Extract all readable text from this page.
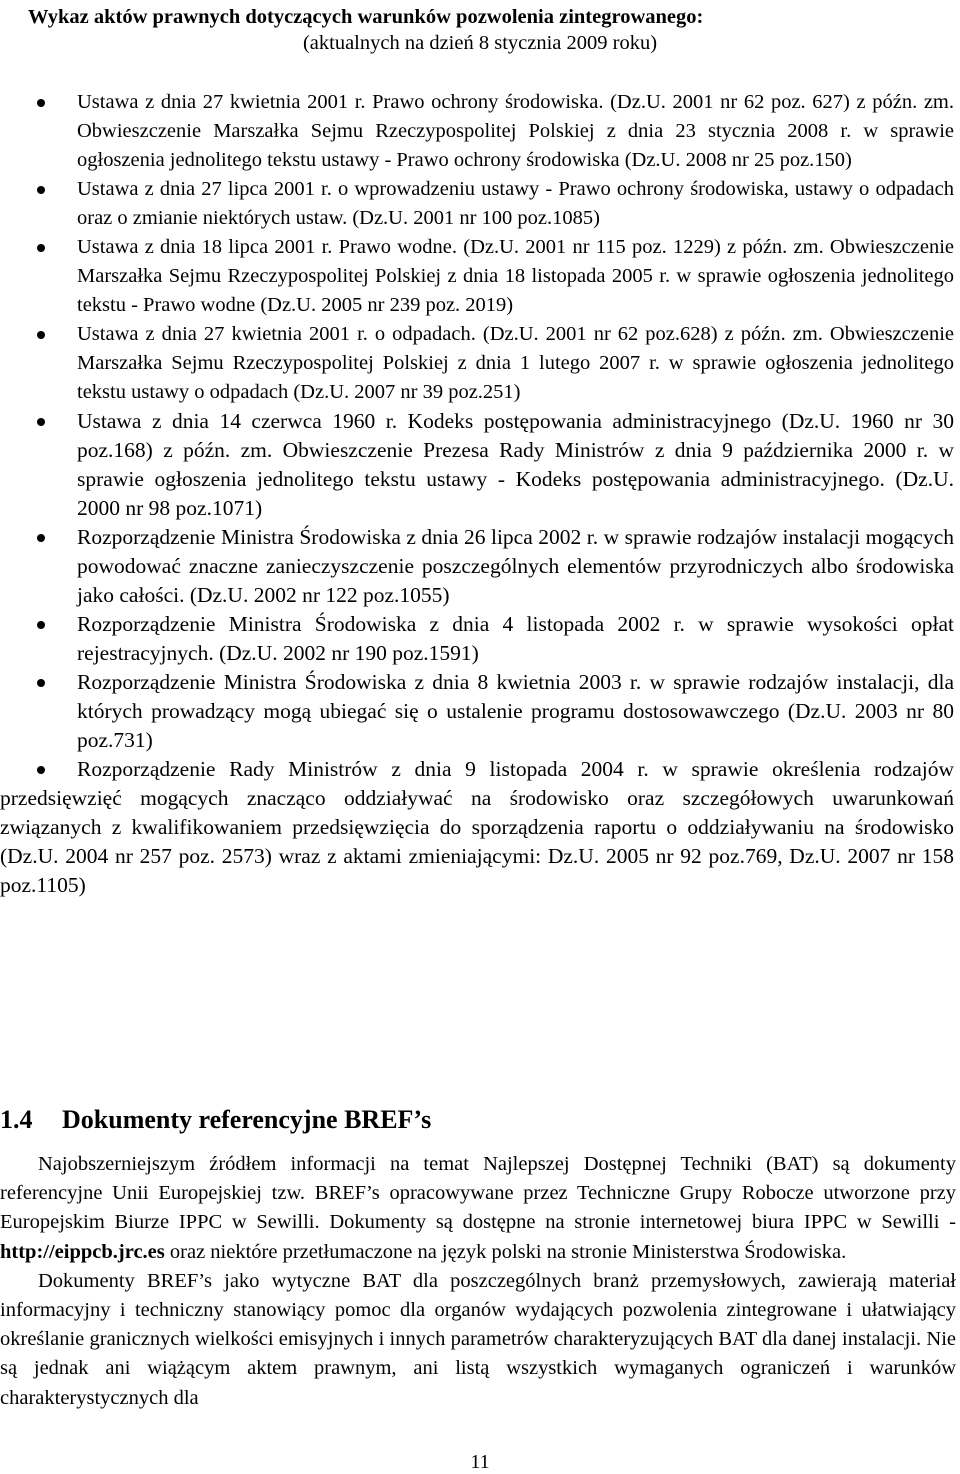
Wykaz aktów prawnych dotyczących warunków pozwolenia zintegrowanego:
(aktualnych na dzień 8 stycznia 2009 roku)
Ustawa z dnia 27 kwietnia 2001 r. Prawo ochrony środowiska. (Dz.U. 2001 nr 62 poz. 627) z późn. zm. Obwieszczenie Marszałka Sejmu Rzeczypospolitej Polskiej z dnia 23 stycznia 2008 r. w sprawie ogłoszenia jednolitego tekstu ustawy - Prawo ochrony środowiska (Dz.U. 2008 nr 25 poz.150)
Ustawa z dnia 27 lipca 2001 r. o wprowadzeniu ustawy - Prawo ochrony środowiska, ustawy o odpadach oraz o zmianie niektórych ustaw. (Dz.U. 2001 nr 100 poz.1085)
Ustawa z dnia 18 lipca 2001 r. Prawo wodne. (Dz.U. 2001 nr 115 poz. 1229) z późn. zm. Obwieszczenie Marszałka Sejmu Rzeczypospolitej Polskiej z dnia 18 listopada 2005 r. w sprawie ogłoszenia jednolitego tekstu - Prawo wodne (Dz.U. 2005 nr 239 poz. 2019)
Ustawa z dnia 27 kwietnia 2001 r. o odpadach. (Dz.U. 2001 nr 62 poz.628) z późn. zm. Obwieszczenie Marszałka Sejmu Rzeczypospolitej Polskiej z dnia 1 lutego 2007 r. w sprawie ogłoszenia jednolitego tekstu ustawy o odpadach (Dz.U. 2007 nr 39 poz.251)
Ustawa z dnia 14 czerwca 1960 r. Kodeks postępowania administracyjnego (Dz.U. 1960 nr 30 poz.168) z późn. zm. Obwieszczenie Prezesa Rady Ministrów z dnia 9 października 2000 r. w sprawie ogłoszenia jednolitego tekstu ustawy - Kodeks postępowania administracyjnego. (Dz.U. 2000 nr 98 poz.1071)
Rozporządzenie Ministra Środowiska z dnia 26 lipca 2002 r. w sprawie rodzajów instalacji mogących powodować znaczne zanieczyszczenie poszczególnych elementów przyrodniczych albo środowiska jako całości. (Dz.U. 2002 nr 122 poz.1055)
Rozporządzenie Ministra Środowiska z dnia 4 listopada 2002 r. w sprawie wysokości opłat rejestracyjnych. (Dz.U. 2002 nr 190 poz.1591)
Rozporządzenie Ministra Środowiska z dnia 8 kwietnia 2003 r. w sprawie rodzajów instalacji, dla których prowadzący mogą ubiegać się o ustalenie programu dostosowawczego (Dz.U. 2003 nr 80 poz.731)
Rozporządzenie Rady Ministrów z dnia 9 listopada 2004 r. w sprawie określenia rodzajów przedsięwzięć mogących znacząco oddziaływać na środowisko oraz szczegółowych uwarunkowań związanych z kwalifikowaniem przedsięwzięcia do sporządzenia raportu o oddziaływaniu na środowisko (Dz.U. 2004 nr 257 poz. 2573) wraz z aktami zmieniającymi: Dz.U. 2005 nr 92 poz.769, Dz.U. 2007 nr 158 poz.1105)
1.4 Dokumenty referencyjne BREF’s

Najobszerniejszym źródłem informacji na temat Najlepszej Dostępnej Techniki (BAT) są dokumenty referencyjne Unii Europejskiej tzw. BREF’s opracowywane przez Techniczne Grupy Robocze utworzone przy Europejskim Biurze IPPC w Sewilli. Dokumenty są dostępne na stronie internetowej biura IPPC w Sewilli - http://eippcb.jrc.es oraz niektóre przetłumaczone na język polski na stronie Ministerstwa Środowiska.

Dokumenty BREF’s jako wytyczne BAT dla poszczególnych branż przemysłowych, zawierają materiał informacyjny i techniczny stanowiący pomoc dla organów wydających pozwolenia zintegrowane i ułatwiający określanie granicznych wielkości emisyjnych i innych parametrów charakteryzujących BAT dla danej instalacji. Nie są jednak ani wiążącym aktem prawnym, ani listą wszystkich wymaganych ograniczeń i warunków charakterystycznych dla

11
